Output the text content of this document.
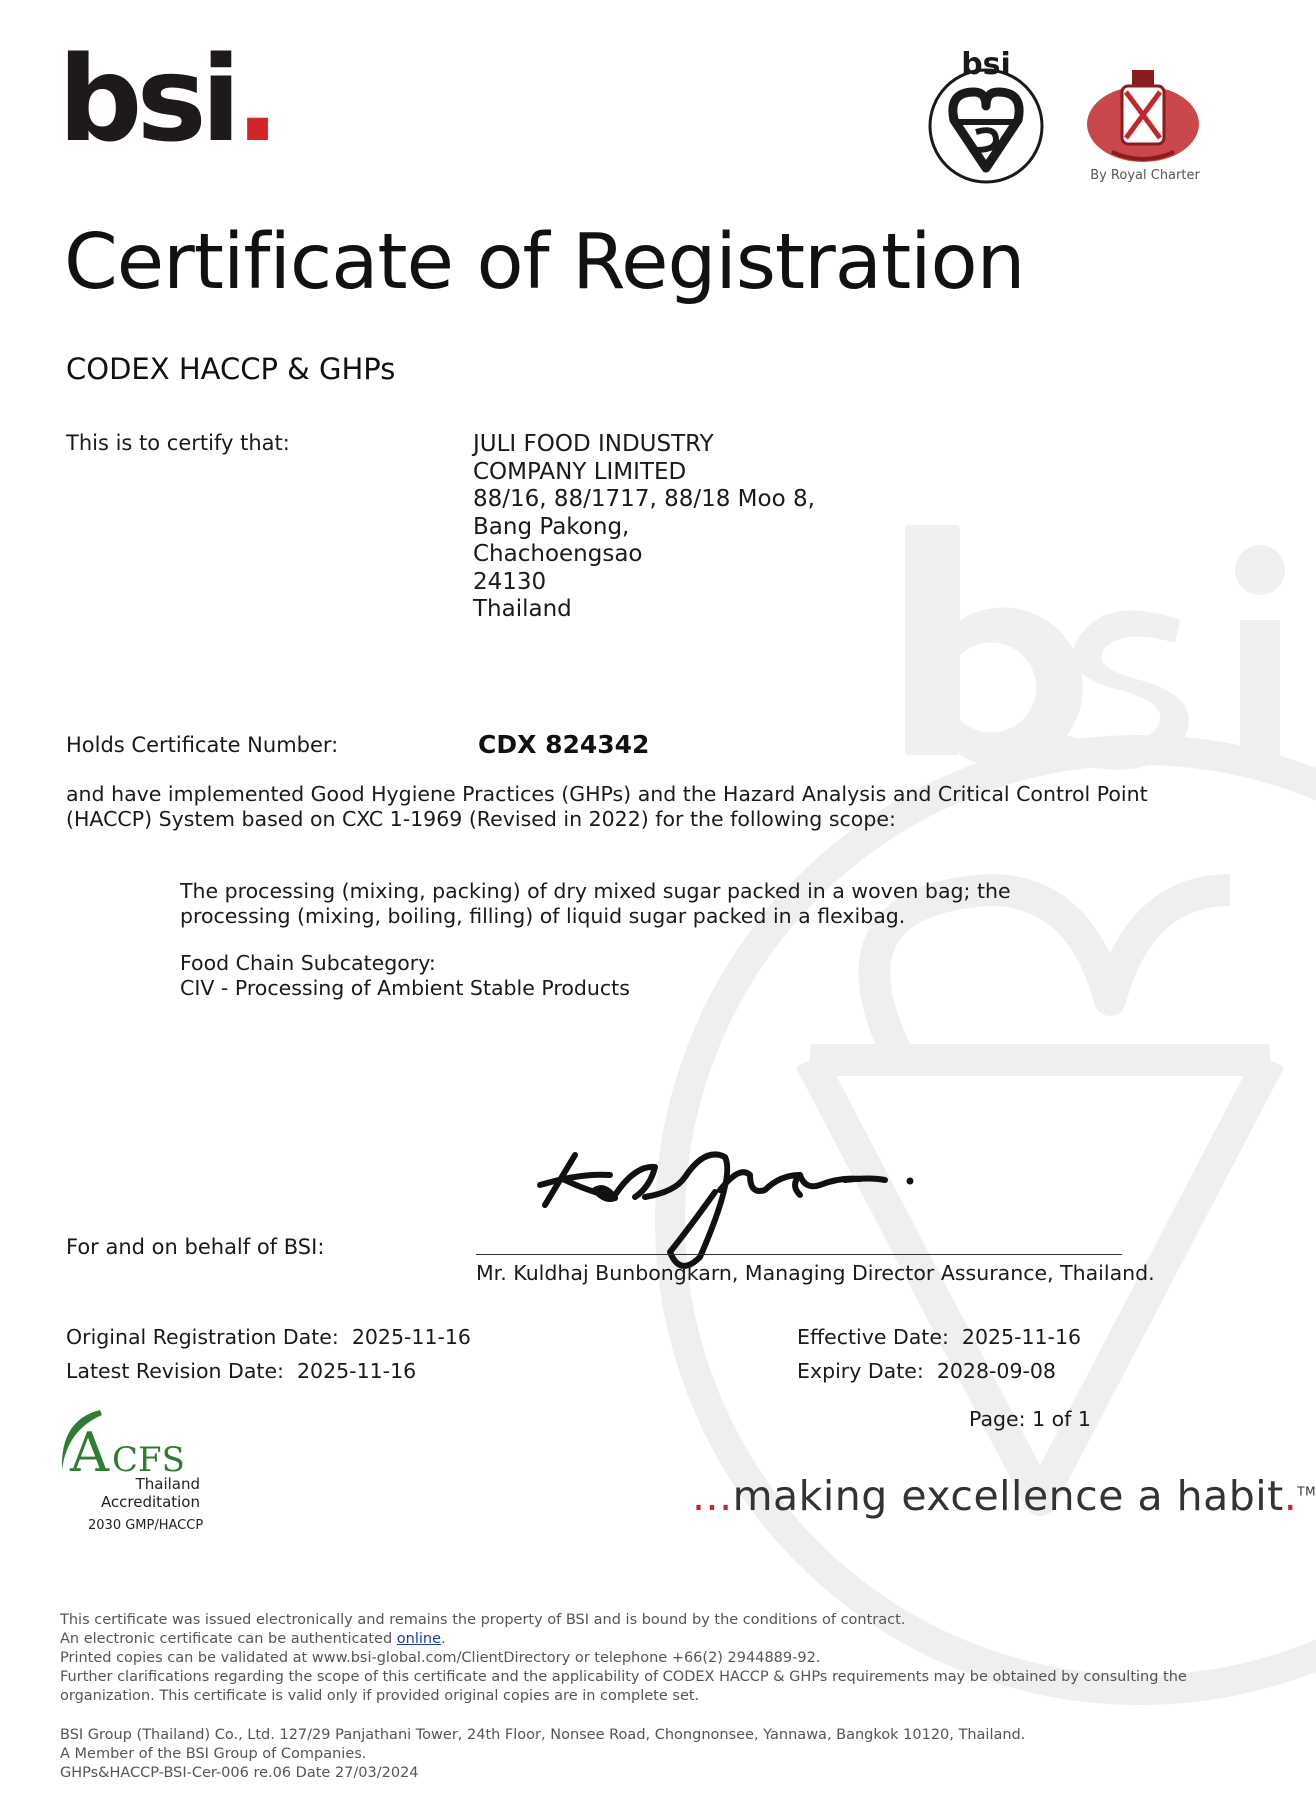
bsi.	bsi
By Royal Charter
Certificate of Registration
CODEX HACCP & GHPs
This is to certify that:	JULI FOOD INDUSTRY
COMPANY LIMITED
88/16, 88/1717, 88/18 Moo 8,
Bang Pakong,
Chachoengsao
24130
Thailand
Holds Certificate Number:	CDX 824342
and have implemented Good Hygiene Practices (GHPs) and the Hazard Analysis and Critical Control Point (HACCP) System based on CXC 1-1969 (Revised in 2022) for the following scope:
The processing (mixing, packing) of dry mixed sugar packed in a woven bag; the processing (mixing, boiling, filling) of liquid sugar packed in a flexibag.
Food Chain Subcategory:
CIV - Processing of Ambient Stable Products
For and on behalf of BSI:
Mr. Kuldhaj Bunbongkarn, Managing Director Assurance, Thailand.
Original Registration Date: 2025-11-16
Latest Revision Date: 2025-11-16
Effective Date: 2025-11-16
Expiry Date: 2028-09-08
Page: 1 of 1
A CFS
Thailand
Accreditation
2030 GMP/HACCP
...making excellence a habit.™
This certificate was issued electronically and remains the property of BSI and is bound by the conditions of contract.
An electronic certificate can be authenticated online.
Printed copies can be validated at www.bsi-global.com/ClientDirectory or telephone +66(2) 2944889-92.
Further clarifications regarding the scope of this certificate and the applicability of CODEX HACCP & GHPs requirements may be obtained by consulting the organization. This certificate is valid only if provided original copies are in complete set.
BSI Group (Thailand) Co., Ltd. 127/29 Panjathani Tower, 24th Floor, Nonsee Road, Chongnonsee, Yannawa, Bangkok 10120, Thailand.
A Member of the BSI Group of Companies.
GHPs&HACCP-BSI-Cer-006 re.06 Date 27/03/2024
